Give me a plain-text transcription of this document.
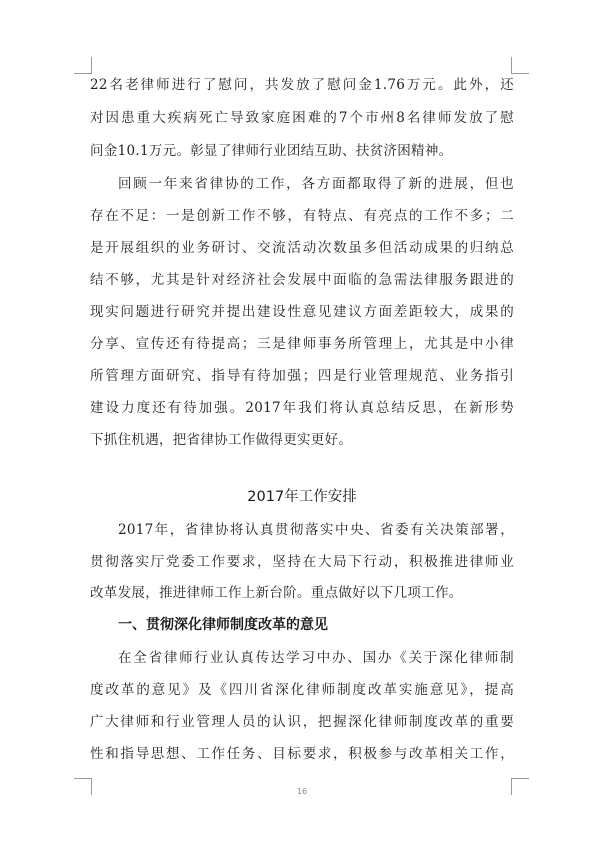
22名老律师进行了慰问，共发放了慰问金1.76万元。此外，还
对因患重大疾病死亡导致家庭困难的7个市州8名律师发放了慰
问金10.1万元。彰显了律师行业团结互助、扶贫济困精神。
回顾一年来省律协的工作，各方面都取得了新的进展，但也
存在不足：一是创新工作不够，有特点、有亮点的工作不多；二
是开展组织的业务研讨、交流活动次数虽多但活动成果的归纳总
结不够，尤其是针对经济社会发展中面临的急需法律服务跟进的
现实问题进行研究并提出建设性意见建议方面差距较大，成果的
分享、宣传还有待提高；三是律师事务所管理上，尤其是中小律
所管理方面研究、指导有待加强；四是行业管理规范、业务指引
建设力度还有待加强。2017年我们将认真总结反思，在新形势
下抓住机遇，把省律协工作做得更实更好。
2017年工作安排
2017年，省律协将认真贯彻落实中央、省委有关决策部署，
贯彻落实厅党委工作要求，坚持在大局下行动，积极推进律师业
改革发展，推进律师工作上新台阶。重点做好以下几项工作。
一、贯彻深化律师制度改革的意见
在全省律师行业认真传达学习中办、国办《关于深化律师制
度改革的意见》及《四川省深化律师制度改革实施意见》，提高
广大律师和行业管理人员的认识，把握深化律师制度改革的重要
性和指导思想、工作任务、目标要求，积极参与改革相关工作，
16
